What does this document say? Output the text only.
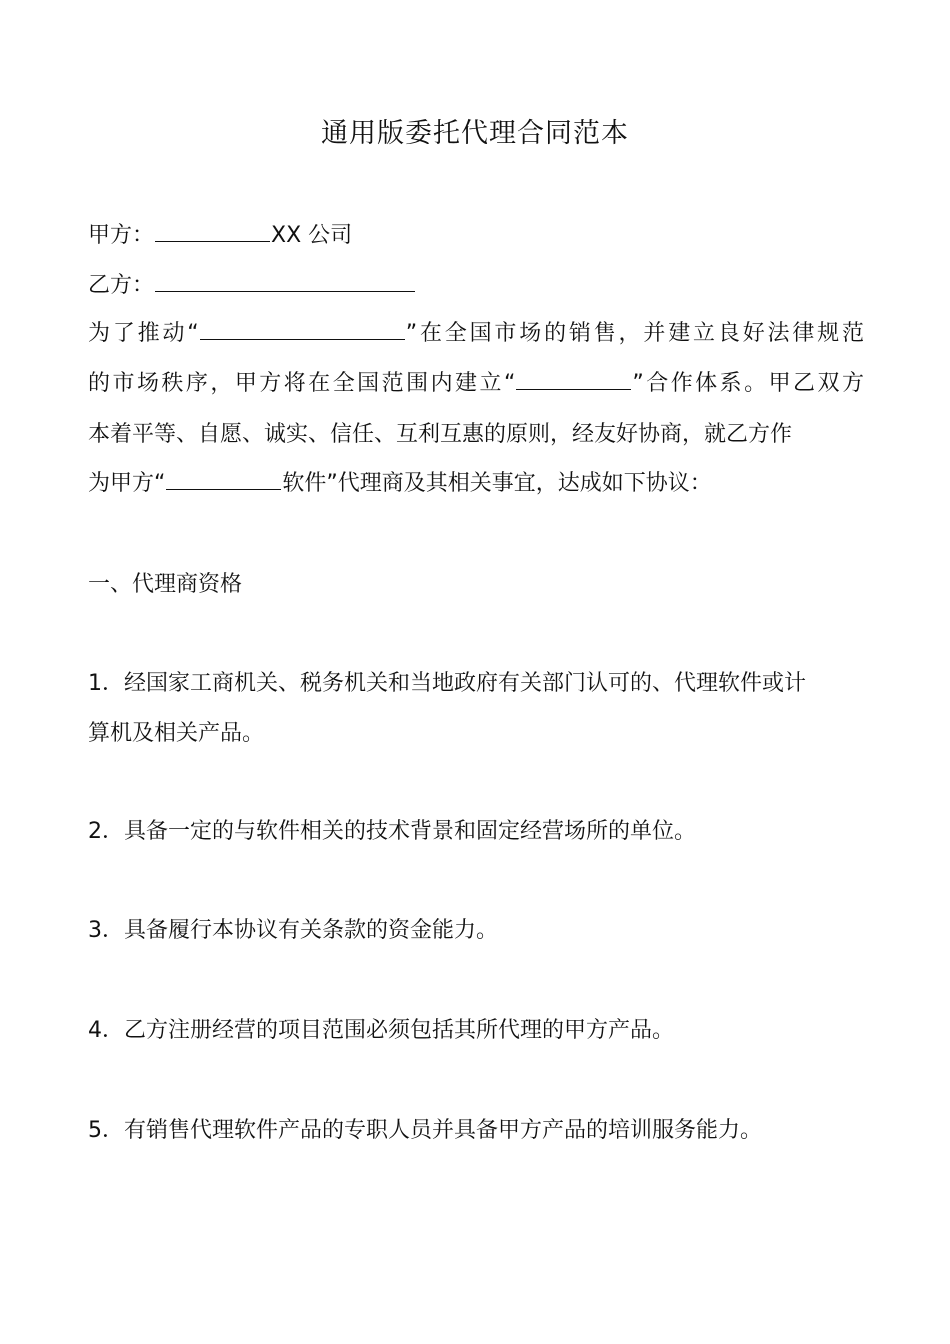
通用版委托代理合同范本
甲方：	XX 公司
乙方：
为了推动“	”在全国市场的销售，并建立良好法律规范
的市场秩序，甲方将在全国范围内建立“	”合作体系。甲乙双方
本着平等、自愿、诚实、信任、互利互惠的原则，经友好协商，就乙方作
为甲方“	软件”代理商及其相关事宜，达成如下协议：
一、代理商资格
1．经国家工商机关、税务机关和当地政府有关部门认可的、代理软件或计
算机及相关产品。
2．具备一定的与软件相关的技术背景和固定经营场所的单位。
3．具备履行本协议有关条款的资金能力。
4．乙方注册经营的项目范围必须包括其所代理的甲方产品。
5．有销售代理软件产品的专职人员并具备甲方产品的培训服务能力。
